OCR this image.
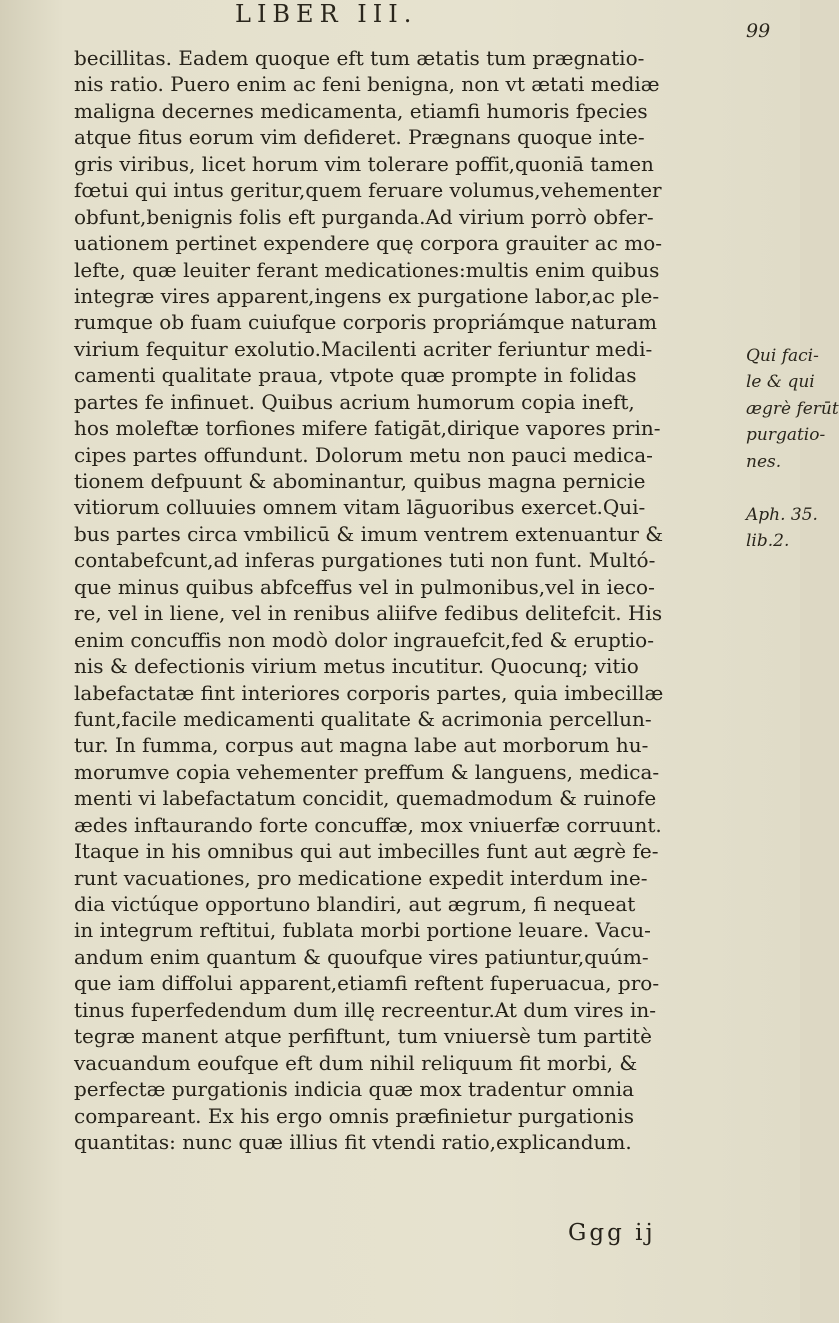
LIBER III.
99
becillitas. Eadem quoque eft tum ætatis tum prægnatio-
nis ratio. Puero enim ac feni benigna, non vt ætati mediæ
maligna decernes medicamenta, etiamfi humoris fpecies
atque fitus eorum vim defideret. Prægnans quoque inte-
gris viribus, licet horum vim tolerare poffit,quoniā tamen
fœtui qui intus geritur,quem feruare volumus,vehementer
obfunt,benignis folis eft purganda.Ad virium porrò obfer-
uationem pertinet expendere quę corpora grauiter ac mo-
lefte, quæ leuiter ferant medicationes:multis enim quibus
integræ vires apparent,ingens ex purgatione labor,ac ple-
rumque ob fuam cuiufque corporis propriámque naturam
virium fequitur exolutio.Macilenti acriter feriuntur medi-
camenti qualitate praua, vtpote quæ prompte in folidas
partes fe infinuet. Quibus acrium humorum copia ineft,
hos moleftæ torfiones mifere fatigāt,dirique vapores prin-
cipes partes offundunt. Dolorum metu non pauci medica-
tionem defpuunt & abominantur, quibus magna pernicie
vitiorum colluuies omnem vitam lāguoribus exercet.Qui-
bus partes circa vmbilicū & imum ventrem extenuantur &
contabefcunt,ad inferas purgationes tuti non funt. Multó-
que minus quibus abfceffus vel in pulmonibus,vel in ieco-
re, vel in liene, vel in renibus aliifve fedibus delitefcit. His
enim concuffis non modò dolor ingrauefcit,fed & eruptio-
nis & defectionis virium metus incutitur. Quocunq; vitio
labefactatæ fint interiores corporis partes, quia imbecillæ
funt,facile medicamenti qualitate & acrimonia percellun-
tur. In fumma, corpus aut magna labe aut morborum hu-
morumve copia vehementer preffum & languens, medica-
menti vi labefactatum concidit, quemadmodum & ruinofe
ædes inftaurando forte concuffæ, mox vniuerfæ corruunt.
Itaque in his omnibus qui aut imbecilles funt aut ægrè fe-
runt vacuationes, pro medicatione expedit interdum ine-
dia victúque opportuno blandiri, aut ægrum, fi nequeat
in integrum reftitui, fublata morbi portione leuare. Vacu-
andum enim quantum & quoufque vires patiuntur,quúm-
que iam diffolui apparent,etiamfi reftent fuperuacua, pro-
tinus fuperfedendum dum illę recreentur.At dum vires in-
tegræ manent atque perfiftunt, tum vniuersè tum partitè
vacuandum eoufque eft dum nihil reliquum fit morbi, &
perfectæ purgationis indicia quæ mox tradentur omnia
compareant. Ex his ergo omnis præfinietur purgationis
quantitas: nunc quæ illius fit vtendi ratio,explicandum.
Qui faci-
le & qui
ægrè ferūt
purgatio-
nes.
Aph. 35.
lib.2.
Ggg ij
